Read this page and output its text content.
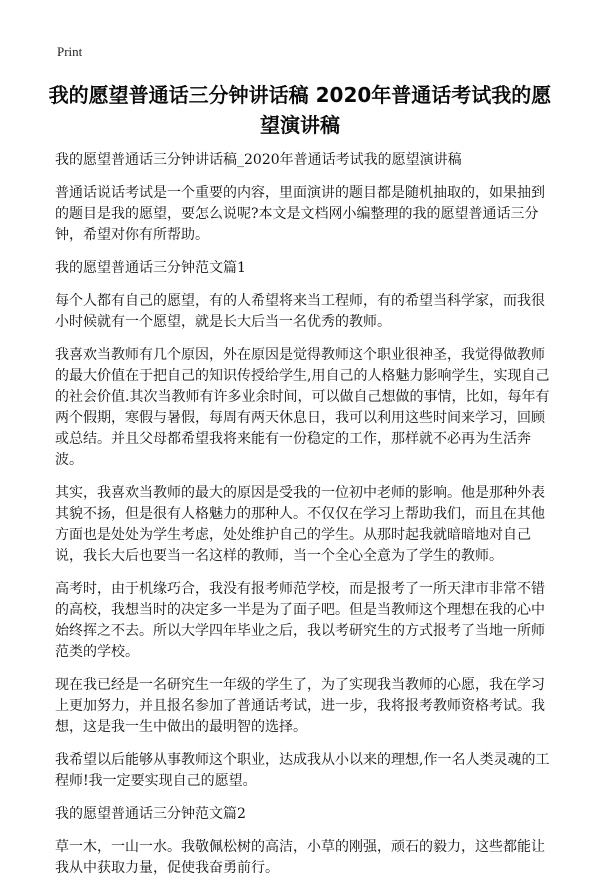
Print
我的愿望普通话三分钟讲话稿 2020年普通话考试我的愿望演讲稿

我的愿望普通话三分钟讲话稿_2020年普通话考试我的愿望演讲稿

普通话说话考试是一个重要的内容，里面演讲的题目都是随机抽取的，如果抽到的题目是我的愿望，要怎么说呢?本文是文档网小编整理的我的愿望普通话三分钟，希望对你有所帮助。

我的愿望普通话三分钟范文篇1

每个人都有自己的愿望，有的人希望将来当工程师，有的希望当科学家，而我很小时候就有一个愿望，就是长大后当一名优秀的教师。

我喜欢当教师有几个原因，外在原因是觉得教师这个职业很神圣，我觉得做教师的最大价值在于把自己的知识传授给学生,用自己的人格魅力影响学生，实现自己的社会价值.其次当教师有许多业余时间，可以做自己想做的事情，比如，每年有两个假期，寒假与暑假，每周有两天休息日，我可以利用这些时间来学习，回顾或总结。并且父母都希望我将来能有一份稳定的工作，那样就不必再为生活奔波。

其实，我喜欢当教师的最大的原因是受我的一位初中老师的影响。他是那种外表其貌不扬，但是很有人格魅力的那种人。不仅仅在学习上帮助我们，而且在其他方面也是处处为学生考虑，处处维护自己的学生。从那时起我就暗暗地对自己说，我长大后也要当一名这样的教师，当一个全心全意为了学生的教师。

高考时，由于机缘巧合，我没有报考师范学校，而是报考了一所天津市非常不错的高校，我想当时的决定多一半是为了面子吧。但是当教师这个理想在我的心中始终挥之不去。所以大学四年毕业之后，我以考研究生的方式报考了当地一所师范类的学校。

现在我已经是一名研究生一年级的学生了，为了实现我当教师的心愿，我在学习上更加努力，并且报名参加了普通话考试，进一步，我将报考教师资格考试。我想，这是我一生中做出的最明智的选择。

我希望以后能够从事教师这个职业，达成我从小以来的理想,作一名人类灵魂的工程师!我一定要实现自己的愿望。

我的愿望普通话三分钟范文篇2

草一木，一山一水。我敬佩松树的高洁，小草的刚强，顽石的毅力，这些都能让我从中获取力量，促使我奋勇前行。
